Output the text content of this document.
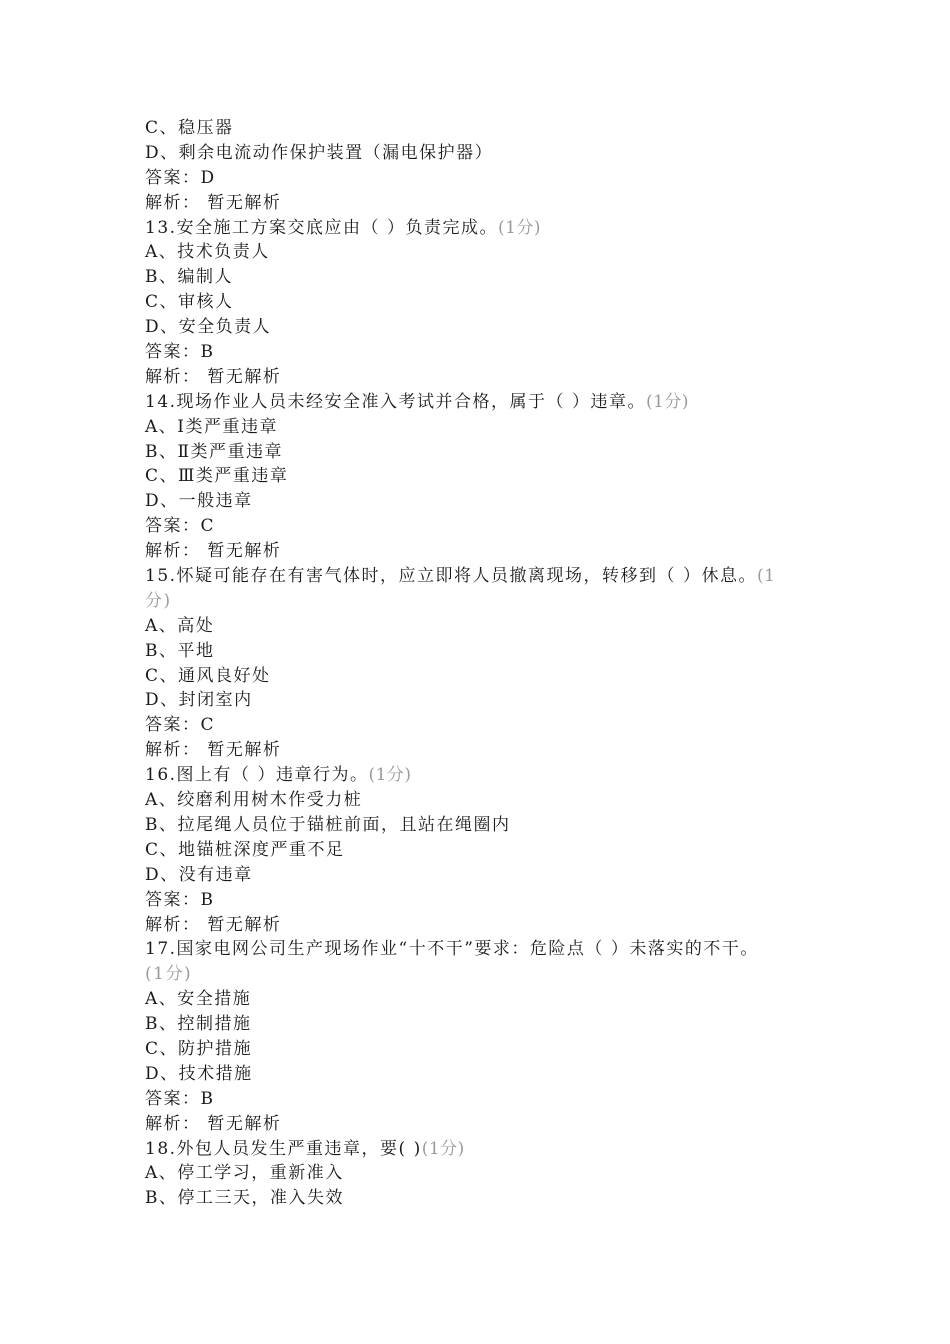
C、稳压器
D、剩余电流动作保护装置（漏电保护器）
答案：D
解析： 暂无解析
13.安全施工方案交底应由（ ）负责完成。(1分)
A、技术负责人
B、编制人
C、审核人
D、安全负责人
答案：B
解析： 暂无解析
14.现场作业人员未经安全准入考试并合格，属于（ ）违章。(1分)
A、Ⅰ类严重违章
B、Ⅱ类严重违章
C、Ⅲ类严重违章
D、一般违章
答案：C
解析： 暂无解析
15.怀疑可能存在有害气体时，应立即将人员撤离现场，转移到（ ）休息。(1
分)
A、高处
B、平地
C、通风良好处
D、封闭室内
答案：C
解析： 暂无解析
16.图上有（ ）违章行为。(1分)
A、绞磨利用树木作受力桩
B、拉尾绳人员位于锚桩前面，且站在绳圈内
C、地锚桩深度严重不足
D、没有违章
答案：B
解析： 暂无解析
17.国家电网公司生产现场作业“十不干”要求：危险点（ ）未落实的不干。
(1分)
A、安全措施
B、控制措施
C、防护措施
D、技术措施
答案：B
解析： 暂无解析
18.外包人员发生严重违章，要( )(1分)
A、停工学习，重新准入
B、停工三天，准入失效
